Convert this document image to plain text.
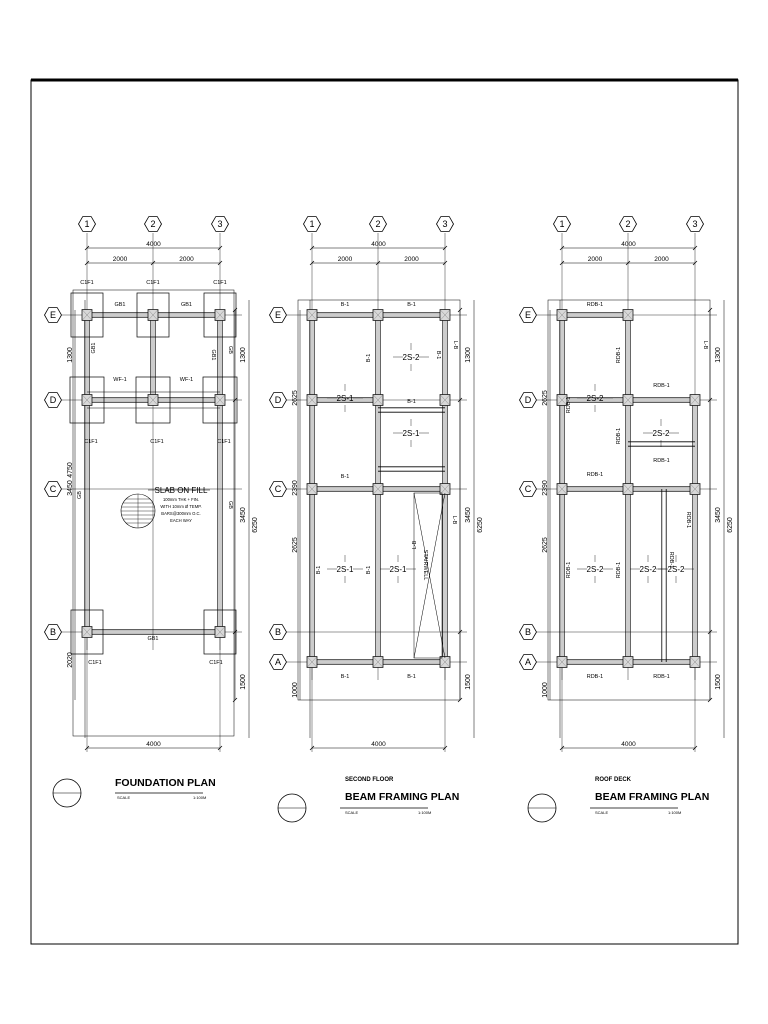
1	2	3
E
D
C
B
4000
2000	2000
4000
1300
4750
2020
3450
1300
3450
1500
6250
FOUNDATION PLAN
SCALE	1:100M
C1F1	C1F1	C1F1
C1F1	C1F1	C1F1
C1F1	C1F1
GB1	GB1
WF-1	WF-1
GB1
GB
GB
GB
GB1
GB1
SLAB ON FILL
100mm THK + FIN.
WITH 10mm Ø TEMP.
BARS@300mm O.C.
EACH WAY
1	2	3
E
D
C
B
A
4000
2000	2000
4000
2625
2625
1000
2390
1300
3450
1500
6250
SECOND FLOOR
BEAM FRAMING PLAN
SCALE	1:100M
STAIRWELL
B-1	B-1
B-1
B-1	B-1
B-1
B-1
B-1
L-B
B-1
B-1
L-B
L-B
2S-2
2S-1
2S-1
2S-1	2S-1
1	2	3
E
D
C
B
A
4000
2000	2000
4000
2625
2625
1000
2390
1300
3450
1500
6250
ROOF DECK
BEAM FRAMING PLAN
SCALE	1:100M
RDB-1
RDB-1
RDB-1
RDB-1
RDB-1	RDB-1
RDB-1
RDB-1
RDB-1
RDB-1	RDB-1
RDB-1
RDB-1
L-B
2S-2
2S-2
2S-2	2S-2 2S-2
